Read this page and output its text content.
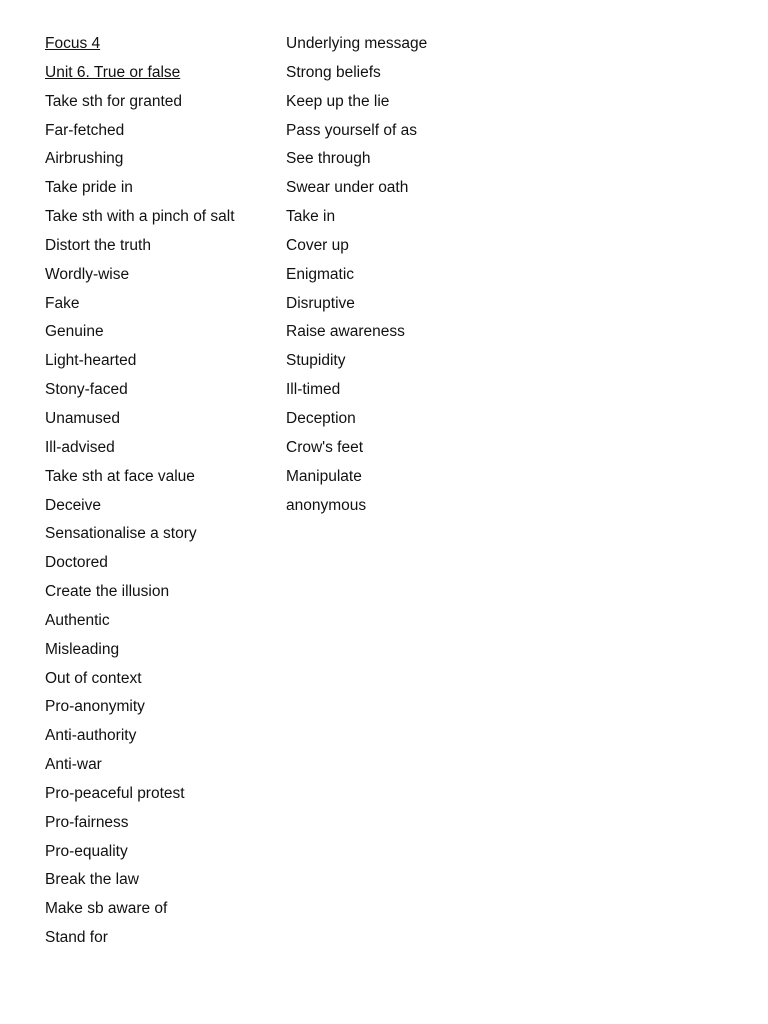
Focus 4
Unit 6. True or false
Take sth for granted
Far-fetched
Airbrushing
Take pride in
Take sth with a pinch of salt
Distort the truth
Wordly-wise
Fake
Genuine
Light-hearted
Stony-faced
Unamused
Ill-advised
Take sth at face value
Deceive
Sensationalise a story
Doctored
Create the illusion
Authentic
Misleading
Out of context
Pro-anonymity
Anti-authority
Anti-war
Pro-peaceful protest
Pro-fairness
Pro-equality
Break the law
Make sb aware of
Stand for
Underlying message
Strong beliefs
Keep up the lie
Pass yourself of as
See through
Swear under oath
Take in
Cover up
Enigmatic
Disruptive
Raise awareness
Stupidity
Ill-timed
Deception
Crow's feet
Manipulate
anonymous
